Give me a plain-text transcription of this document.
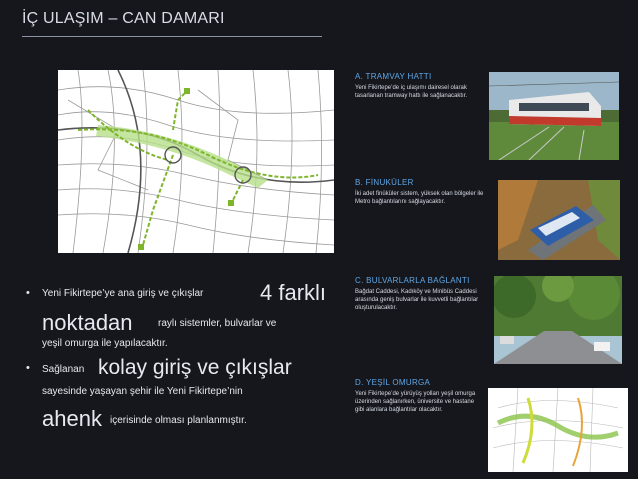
İÇ ULAŞIM – CAN DAMARI
A. TRAMVAY HATTI
Yeni Fikirtepe’de iç ulaşımı dairesel olarak tasarlanan tramway hattı ile sağlanacaktır.
B. FİNUKÜLER
İki adet finüküler sistem, yüksek olan bölgeler ile Metro bağlantılarını sağlayacaktır.
C. BULVARLARLA BAĞLANTI
Bağdat Caddesi, Kadıköy ve Minibüs Caddesi arasında geniş bulvarlar ile kuvvetli bağlantılar oluşturulacaktır.
D. YEŞİL OMURGA
Yeni Fikirtepe’de yürüyüş yolları yeşil omurga üzerinden sağlanırken, üniversite ve hastane gibi alanlara bağlantılar olacaktır.
• Yeni Fikirtepe’ye ana giriş ve çıkışlar	4 farklı
noktadan	raylı sistemler, bulvarlar ve
yeşil omurga ile yapılacaktır.
• Sağlanan kolay giriş ve çıkışlar
sayesinde yaşayan şehir ile Yeni Fikirtepe’nin
ahenk içerisinde olması planlanmıştır.
